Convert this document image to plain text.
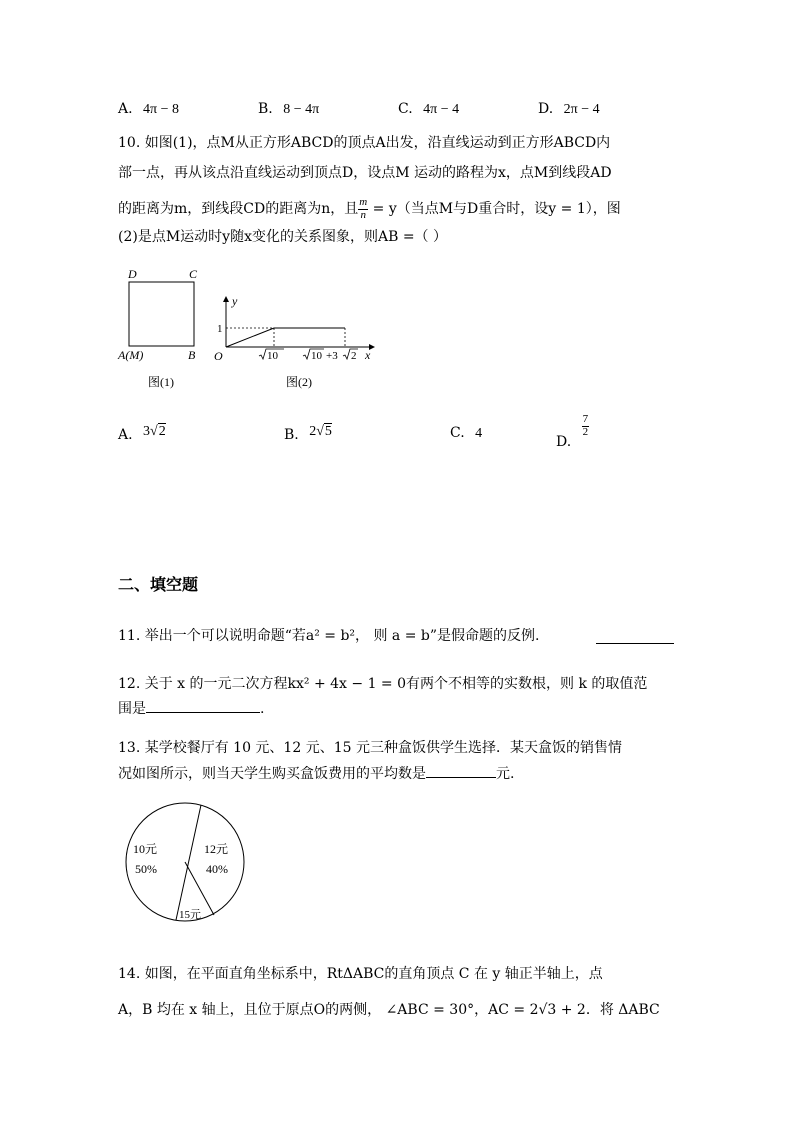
A. 4π − 8	B. 8 − 4π	C. 4π − 4	D. 2π − 4
10. 如图(1)，点M从正方形ABCD的顶点A出发，沿直线运动到正方形ABCD内
部一点，再从该点沿直线运动到顶点D，设点M 运动的路程为x，点M到线段AD
的距离为m，到线段CD的距离为n，且 $\frac{m}{n} = y$（当点M与D重合时，设y = 1），图
(2)是点M运动时y随x变化的关系图象，则AB =（ ）
D	C
A(M)	B
图(1)
y
x
O
1
10	10 +3 2
图(2)
A. 3√2	B. 2√5	C. 4
D.
$\frac{7}{2}$
二、填空题
11. 举出一个可以说明命题“若a² = b²， 则 a = b”是假命题的反例.
12. 关于 x 的一元二次方程kx² + 4x − 1 = 0有两个不相等的实数根，则 k 的取值范
围是	.
13. 某学校餐厅有 10 元、12 元、15 元三种盒饭供学生选择．某天盒饭的销售情
况如图所示，则当天学生购买盒饭费用的平均数是	元.
10元
50%
12元
40%
15元
14. 如图，在平面直角坐标系中，RtΔABC的直角顶点 C 在 y 轴正半轴上，点
A，B 均在 x 轴上，且位于原点O的两侧， ∠ABC = 30°，AC = 2√3 + 2．将 ΔABC
